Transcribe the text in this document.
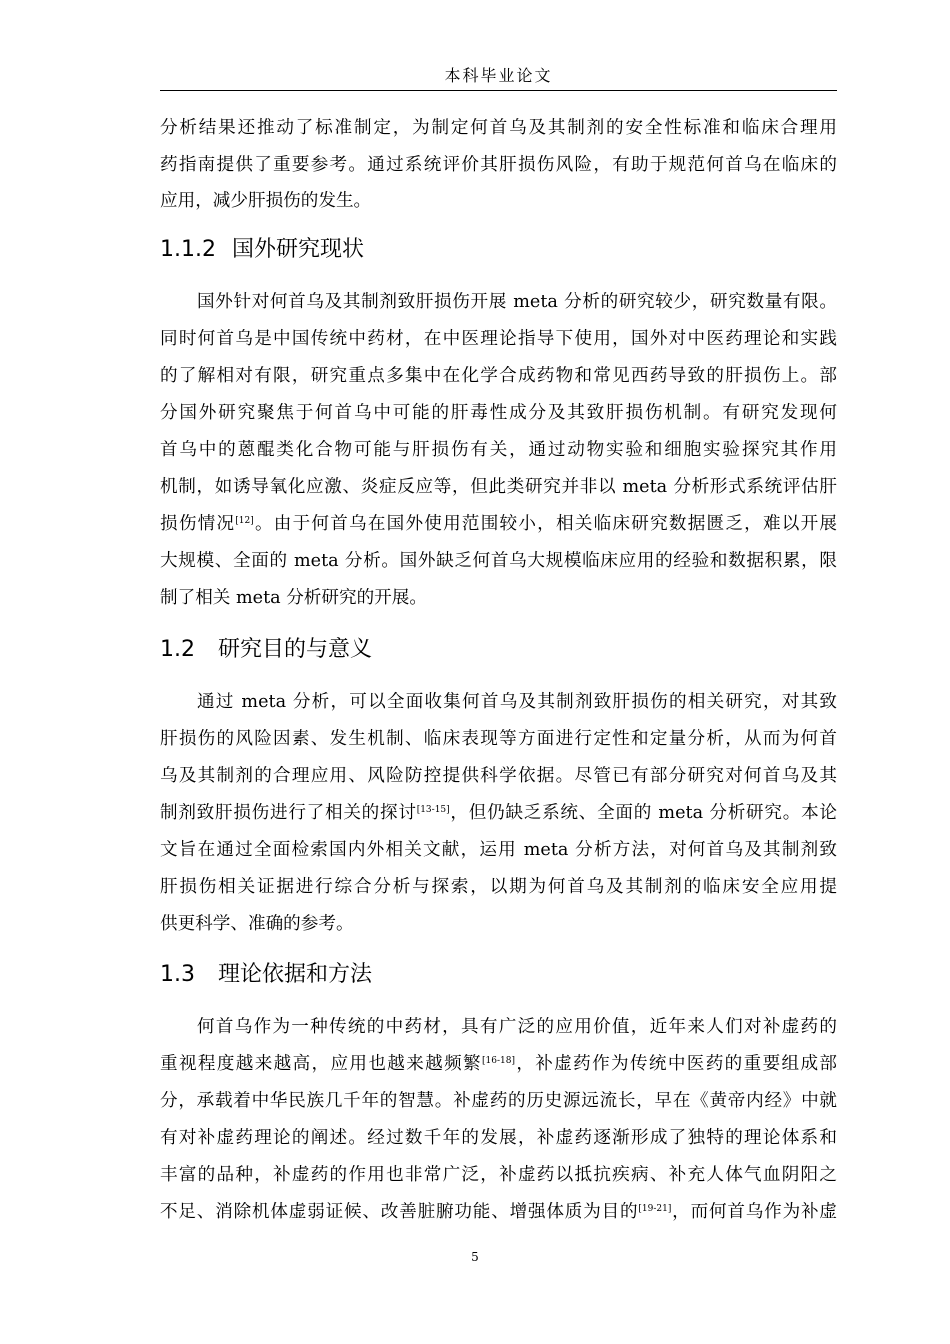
本科毕业论文
分析结果还推动了标准制定，为制定何首乌及其制剂的安全性标准和临床合理用
药指南提供了重要参考。通过系统评价其肝损伤风险，有助于规范何首乌在临床的
应用，减少肝损伤的发生。
1.1.2 国外研究现状
国外针对何首乌及其制剂致肝损伤开展 meta 分析的研究较少，研究数量有限。
同时何首乌是中国传统中药材，在中医理论指导下使用，国外对中医药理论和实践
的了解相对有限，研究重点多集中在化学合成药物和常见西药导致的肝损伤上。部
分国外研究聚焦于何首乌中可能的肝毒性成分及其致肝损伤机制。有研究发现何
首乌中的蒽醌类化合物可能与肝损伤有关，通过动物实验和细胞实验探究其作用
机制，如诱导氧化应激、炎症反应等，但此类研究并非以 meta 分析形式系统评估肝
损伤情况[12]。由于何首乌在国外使用范围较小，相关临床研究数据匮乏，难以开展
大规模、全面的 meta 分析。国外缺乏何首乌大规模临床应用的经验和数据积累，限
制了相关 meta 分析研究的开展。
1.2 研究目的与意义
通过 meta 分析，可以全面收集何首乌及其制剂致肝损伤的相关研究，对其致
肝损伤的风险因素、发生机制、临床表现等方面进行定性和定量分析，从而为何首
乌及其制剂的合理应用、风险防控提供科学依据。尽管已有部分研究对何首乌及其
制剂致肝损伤进行了相关的探讨[13-15]，但仍缺乏系统、全面的 meta 分析研究。本论
文旨在通过全面检索国内外相关文献，运用 meta 分析方法，对何首乌及其制剂致
肝损伤相关证据进行综合分析与探索，以期为何首乌及其制剂的临床安全应用提
供更科学、准确的参考。
1.3 理论依据和方法
何首乌作为一种传统的中药材，具有广泛的应用价值，近年来人们对补虚药的
重视程度越来越高，应用也越来越频繁[16-18]，补虚药作为传统中医药的重要组成部
分，承载着中华民族几千年的智慧。补虚药的历史源远流长，早在《黄帝内经》中就
有对补虚药理论的阐述。经过数千年的发展，补虚药逐渐形成了独特的理论体系和
丰富的品种，补虚药的作用也非常广泛，补虚药以抵抗疾病、补充人体气血阴阳之
不足、消除机体虚弱证候、改善脏腑功能、增强体质为目的[19-21]，而何首乌作为补虚
5
